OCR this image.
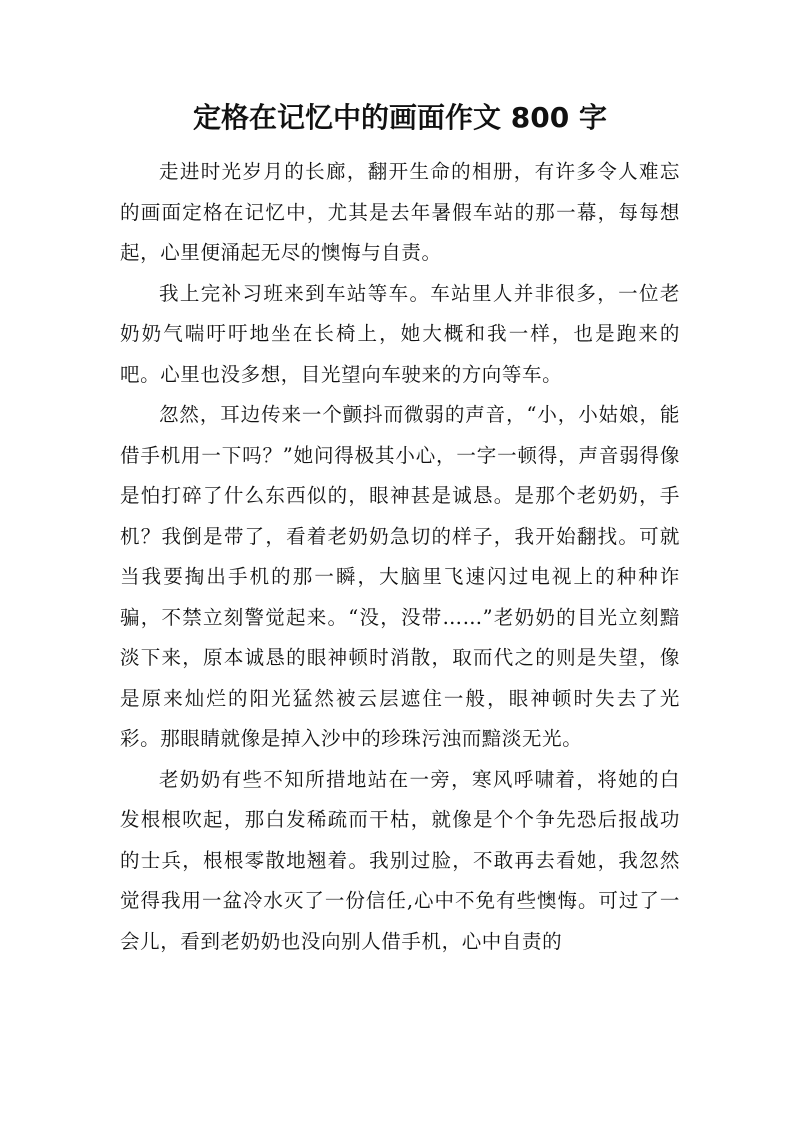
定格在记忆中的画面作文 800 字

走进时光岁月的长廊，翻开生命的相册，有许多令人难忘的画面定格在记忆中，尤其是去年暑假车站的那一幕，每每想起，心里便涌起无尽的懊悔与自责。

我上完补习班来到车站等车。车站里人并非很多，一位老奶奶气喘吁吁地坐在长椅上，她大概和我一样，也是跑来的吧。心里也没多想，目光望向车驶来的方向等车。

忽然，耳边传来一个颤抖而微弱的声音，“小，小姑娘，能借手机用一下吗？”她问得极其小心，一字一顿得，声音弱得像是怕打碎了什么东西似的，眼神甚是诚恳。是那个老奶奶，手机？我倒是带了，看着老奶奶急切的样子，我开始翻找。可就当我要掏出手机的那一瞬，大脑里飞速闪过电视上的种种诈骗，不禁立刻警觉起来。“没，没带……”老奶奶的目光立刻黯淡下来，原本诚恳的眼神顿时消散，取而代之的则是失望，像是原来灿烂的阳光猛然被云层遮住一般，眼神顿时失去了光彩。那眼睛就像是掉入沙中的珍珠污浊而黯淡无光。

老奶奶有些不知所措地站在一旁，寒风呼啸着，将她的白发根根吹起，那白发稀疏而干枯，就像是个个争先恐后报战功的士兵，根根零散地翘着。我别过脸，不敢再去看她，我忽然觉得我用一盆冷水灭了一份信任,心中不免有些懊悔。可过了一会儿，看到老奶奶也没向别人借手机，心中自责的
